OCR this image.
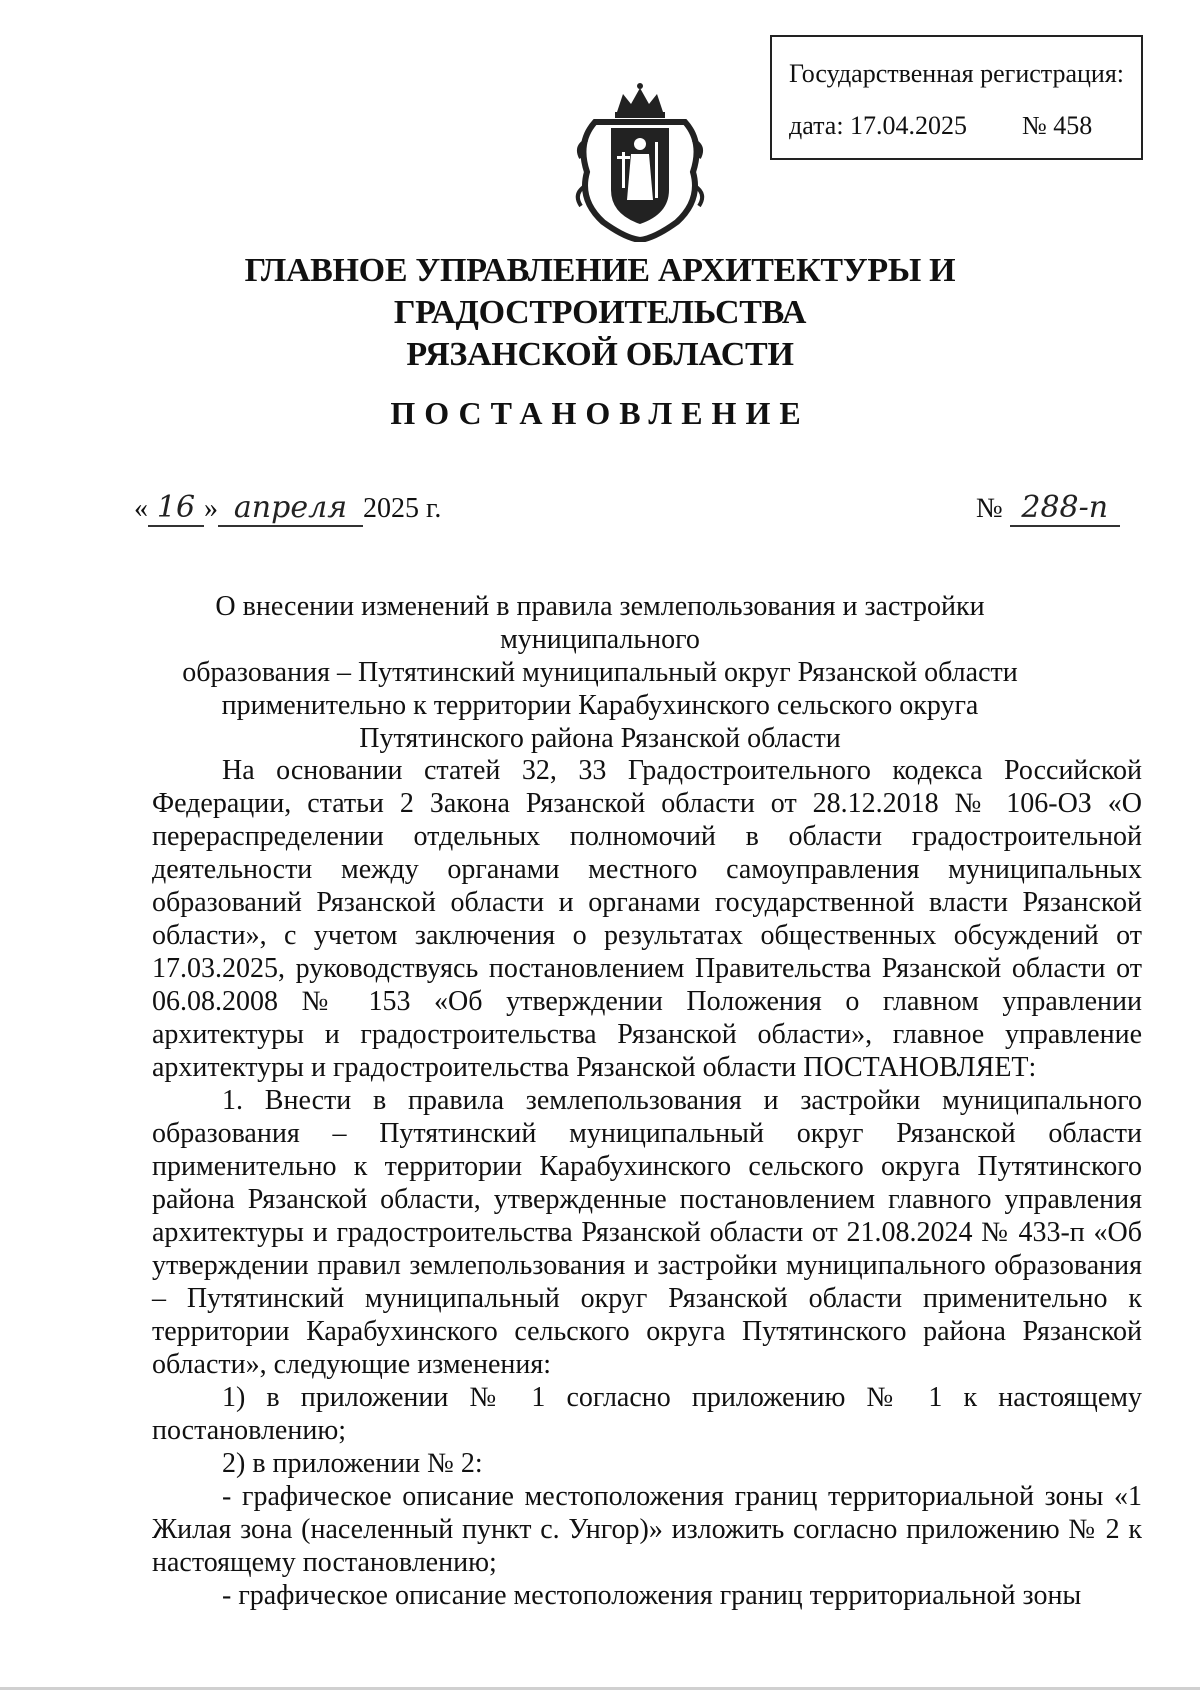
Государственная регистрация:
дата: 17.04.2025 № 458
ГЛАВНОЕ УПРАВЛЕНИЕ АРХИТЕКТУРЫ И ГРАДОСТРОИТЕЛЬСТВА
РЯЗАНСКОЙ ОБЛАСТИ
ПОСТАНОВЛЕНИЕ
« 16 » апреля 2025 г.	№ 288-п
О внесении изменений в правила землепользования и застройки муниципального
образования – Путятинский муниципальный округ Рязанской области
применительно к территории Карабухинского сельского округа
Путятинского района Рязанской области

На основании статей 32, 33 Градостроительного кодекса Российской Федерации, статьи 2 Закона Рязанской области от 28.12.2018 № 106-ОЗ «О перераспределении отдельных полномочий в области градостроительной деятельности между органами местного самоуправления муниципальных образований Рязанской области и органами государственной власти Рязанской области», с учетом заключения о результатах общественных обсуждений от 17.03.2025, руководствуясь постановлением Правительства Рязанской области от 06.08.2008 № 153 «Об утверждении Положения о главном управлении архитектуры и градостроительства Рязанской области», главное управление архитектуры и градостроительства Рязанской области ПОСТАНОВЛЯЕТ:

1. Внести в правила землепользования и застройки муниципального образования – Путятинский муниципальный округ Рязанской области применительно к территории Карабухинского сельского округа Путятинского района Рязанской области, утвержденные постановлением главного управления архитектуры и градостроительства Рязанской области от 21.08.2024 № 433-п «Об утверждении правил землепользования и застройки муниципального образования – Путятинский муниципальный округ Рязанской области применительно к территории Карабухинского сельского округа Путятинского района Рязанской области», следующие изменения:

1) в приложении № 1 согласно приложению № 1 к настоящему постановлению;

2) в приложении № 2:

- графическое описание местоположения границ территориальной зоны «1 Жилая зона (населенный пункт с. Унгор)» изложить согласно приложению № 2 к настоящему постановлению;

- графическое описание местоположения границ территориальной зоны
